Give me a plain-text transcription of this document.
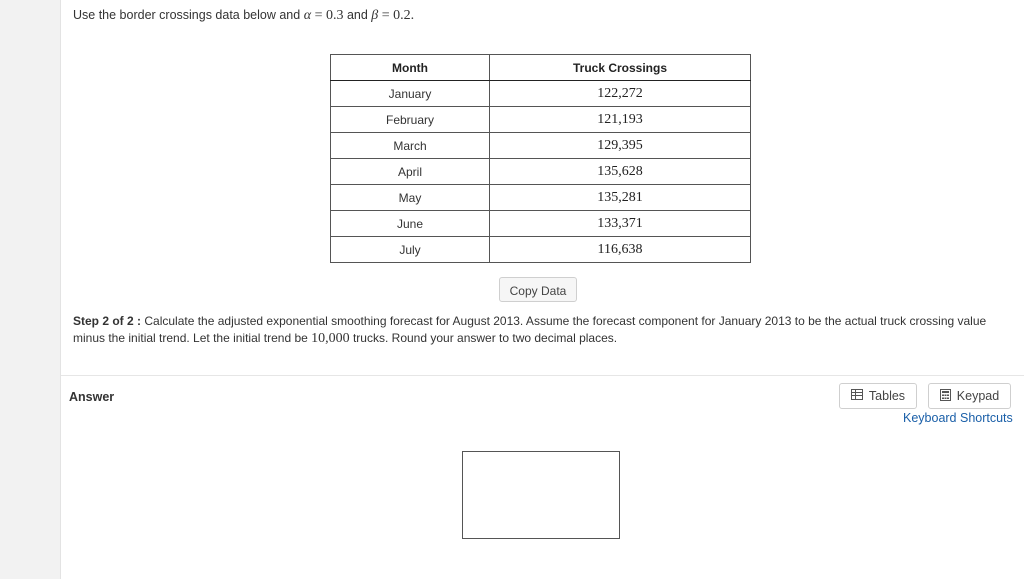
Use the border crossings data below and α = 0.3 and β = 0.2.
Month	Truck Crossings
January	122,272
February	121,193
March	129,395
April	135,628
May	135,281
June	133,371
July	116,638
Copy Data
Step 2 of 2 : Calculate the adjusted exponential smoothing forecast for August 2013. Assume the forecast component for January 2013 to be the actual truck crossing value minus the initial trend. Let the initial trend be 10,000 trucks. Round your answer to two decimal places.
Answer	Tables	Keypad
Keyboard Shortcuts
